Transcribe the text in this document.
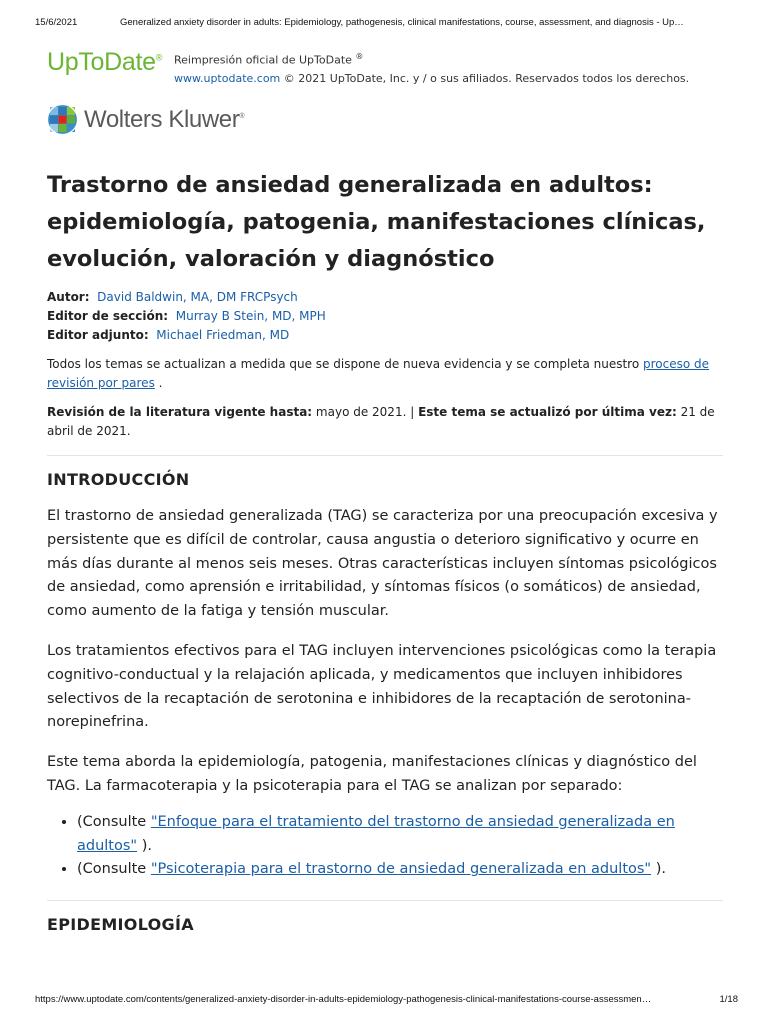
15/6/2021	Generalized anxiety disorder in adults: Epidemiology, pathogenesis, clinical manifestations, course, assessment, and diagnosis - Up…
UpToDate®	Reimpresión oficial de UpToDate ®
www.uptodate.com © 2021 UpToDate, Inc. y / o sus afiliados. Reservados todos los derechos.
Wolters Kluwer®
Trastorno de ansiedad generalizada en adultos: epidemiología, patogenia, manifestaciones clínicas, evolución, valoración y diagnóstico
Autor: David Baldwin, MA, DM FRCPsych
Editor de sección: Murray B Stein, MD, MPH
Editor adjunto: Michael Friedman, MD
Todos los temas se actualizan a medida que se dispone de nueva evidencia y se completa nuestro proceso de revisión por pares .
Revisión de la literatura vigente hasta: mayo de 2021. | Este tema se actualizó por última vez: 21 de abril de 2021.
INTRODUCCIÓN

El trastorno de ansiedad generalizada (TAG) se caracteriza por una preocupación excesiva y persistente que es difícil de controlar, causa angustia o deterioro significativo y ocurre en más días durante al menos seis meses. Otras características incluyen síntomas psicológicos de ansiedad, como aprensión e irritabilidad, y síntomas físicos (o somáticos) de ansiedad, como aumento de la fatiga y tensión muscular.

Los tratamientos efectivos para el TAG incluyen intervenciones psicológicas como la terapia cognitivo-conductual y la relajación aplicada, y medicamentos que incluyen inhibidores selectivos de la recaptación de serotonina e inhibidores de la recaptación de serotonina-norepinefrina.

Este tema aborda la epidemiología, patogenia, manifestaciones clínicas y diagnóstico del TAG. La farmacoterapia y la psicoterapia para el TAG se analizan por separado:

• (Consulte "Enfoque para el tratamiento del trastorno de ansiedad generalizada en adultos" ).
• (Consulte "Psicoterapia para el trastorno de ansiedad generalizada en adultos" ).
EPIDEMIOLOGÍA
https://www.uptodate.com/contents/generalized-anxiety-disorder-in-adults-epidemiology-pathogenesis-clinical-manifestations-course-assessmen…	1/18
